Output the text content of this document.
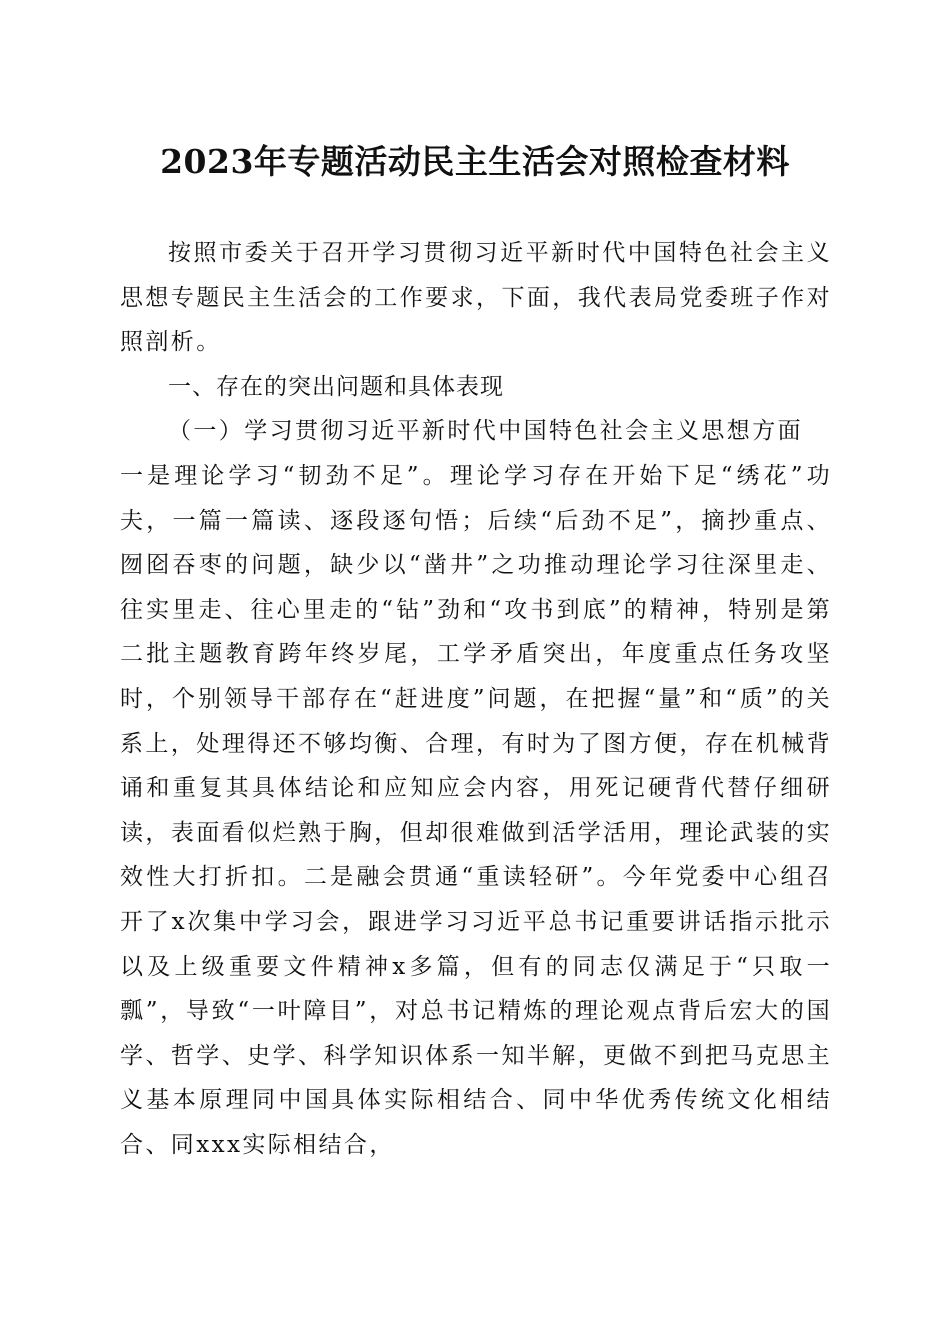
2023年专题活动民主生活会对照检查材料

按照市委关于召开学习贯彻习近平新时代中国特色社会主义思想专题民主生活会的工作要求，下面，我代表局党委班子作对照剖析。

一、存在的突出问题和具体表现

（一）学习贯彻习近平新时代中国特色社会主义思想方面

一是理论学习“韧劲不足”。理论学习存在开始下足“绣花”功夫，一篇一篇读、逐段逐句悟；后续“后劲不足”，摘抄重点、囫囵吞枣的问题，缺少以“凿井”之功推动理论学习往深里走、往实里走、往心里走的“钻”劲和“攻书到底”的精神，特别是第二批主题教育跨年终岁尾，工学矛盾突出，年度重点任务攻坚时，个别领导干部存在“赶进度”问题，在把握“量”和“质”的关系上，处理得还不够均衡、合理，有时为了图方便，存在机械背诵和重复其具体结论和应知应会内容，用死记硬背代替仔细研读，表面看似烂熟于胸，但却很难做到活学活用，理论武装的实效性大打折扣。二是融会贯通“重读轻研”。今年党委中心组召开了x次集中学习会，跟进学习习近平总书记重要讲话指示批示以及上级重要文件精神x多篇，但有的同志仅满足于“只取一瓢”，导致“一叶障目”，对总书记精炼的理论观点背后宏大的国学、哲学、史学、科学知识体系一知半解，更做不到把马克思主义基本原理同中国具体实际相结合、同中华优秀传统文化相结合、同xxx实际相结合，
